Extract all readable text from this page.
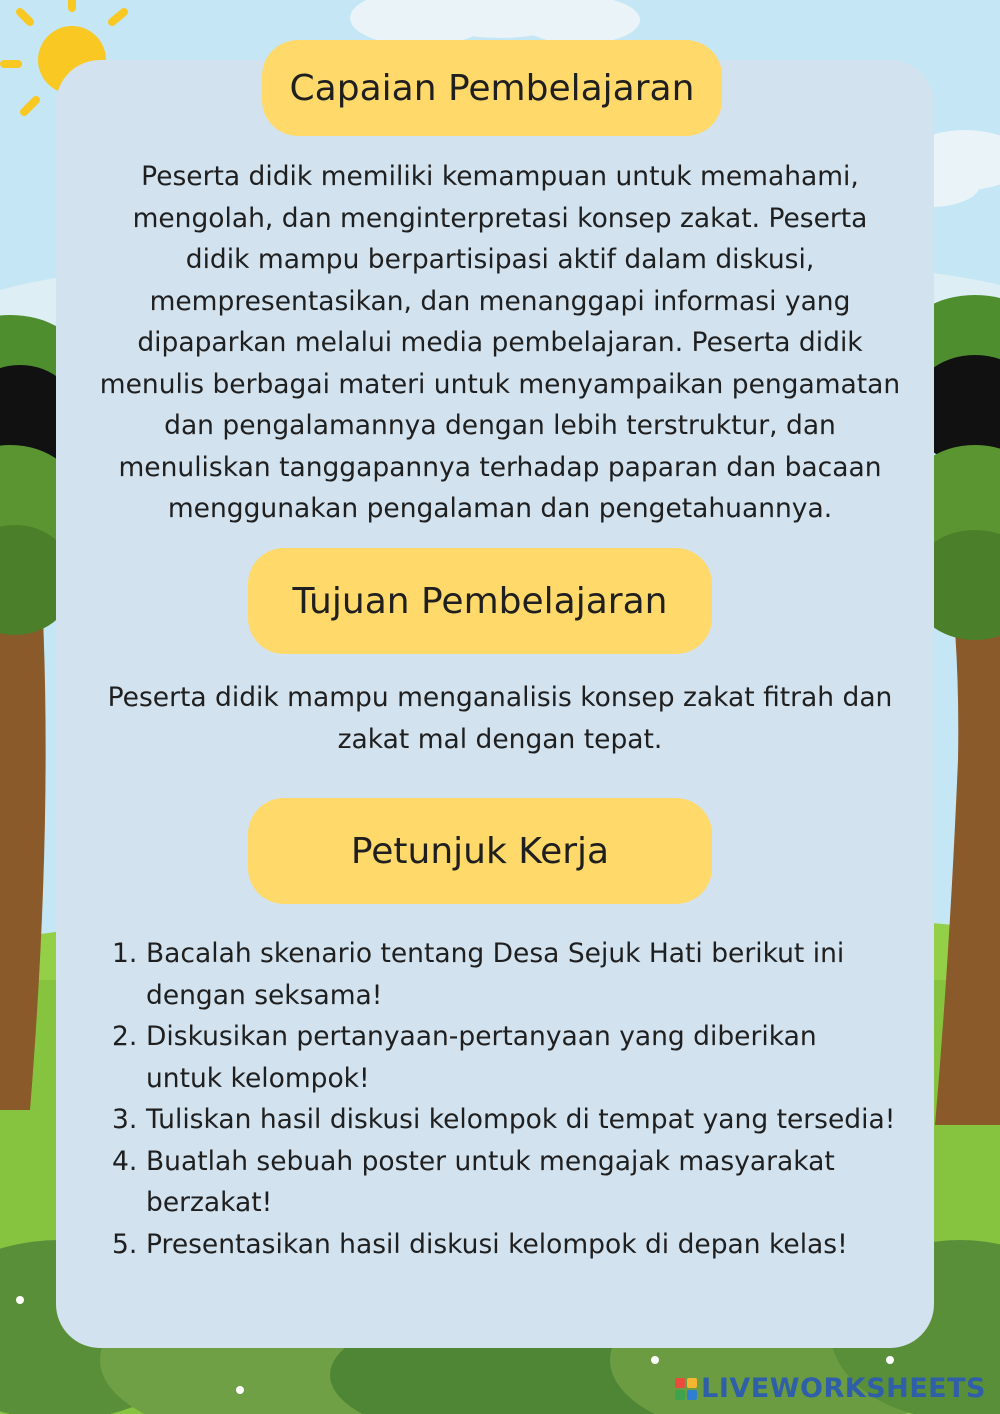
Capaian Pembelajaran
Peserta didik memiliki kemampuan untuk memahami,
mengolah, dan menginterpretasi konsep zakat. Peserta
didik mampu berpartisipasi aktif dalam diskusi,
mempresentasikan, dan menanggapi informasi yang
dipaparkan melalui media pembelajaran. Peserta didik
menulis berbagai materi untuk menyampaikan pengamatan
dan pengalamannya dengan lebih terstruktur, dan
menuliskan tanggapannya terhadap paparan dan bacaan
menggunakan pengalaman dan pengetahuannya.
Tujuan Pembelajaran
Peserta didik mampu menganalisis konsep zakat fitrah dan
zakat mal dengan tepat.
Petunjuk Kerja
1. Bacalah skenario tentang Desa Sejuk Hati berikut ini
dengan seksama!
2. Diskusikan pertanyaan-pertanyaan yang diberikan
untuk kelompok!
3. Tuliskan hasil diskusi kelompok di tempat yang tersedia!
4. Buatlah sebuah poster untuk mengajak masyarakat
berzakat!
5. Presentasikan hasil diskusi kelompok di depan kelas!
LIVEWORKSHEETS
